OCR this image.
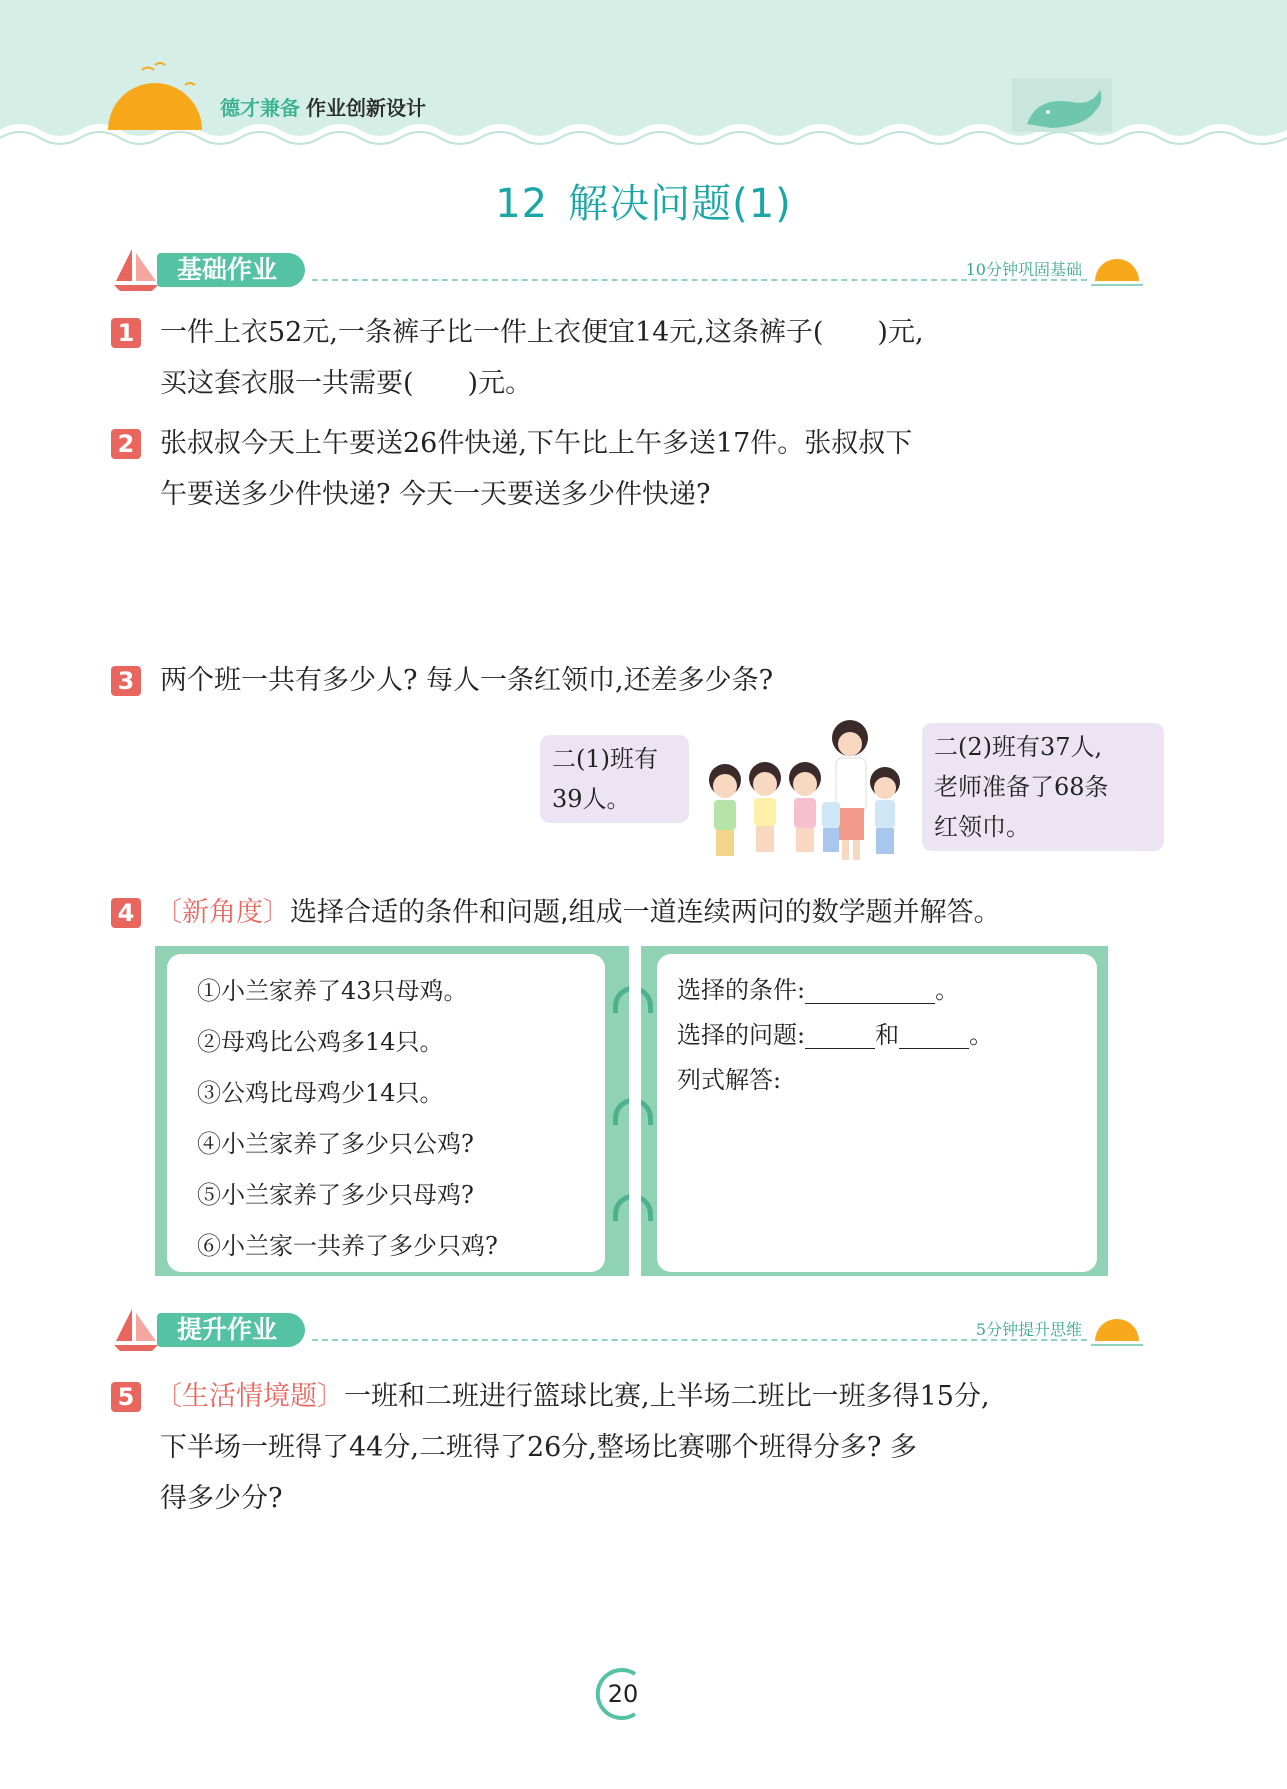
德才兼备 作业创新设计
12 解决问题(1)
基础作业	10分钟巩固基础
1 一件上衣52元,一条裤子比一件上衣便宜14元,这条裤子(　　)元,
买这套衣服一共需要(　　)元。
2 张叔叔今天上午要送26件快递,下午比上午多送17件。张叔叔下
午要送多少件快递? 今天一天要送多少件快递?
3 两个班一共有多少人? 每人一条红领巾,还差多少条?
二(1)班有
39人。
二(2)班有37人,
老师准备了68条
红领巾。
4 〔新角度〕选择合适的条件和问题,组成一道连续两问的数学题并解答。
①小兰家养了43只母鸡。
②母鸡比公鸡多14只。
③公鸡比母鸡少14只。
④小兰家养了多少只公鸡?
⑤小兰家养了多少只母鸡?
⑥小兰家一共养了多少只鸡?
选择的条件:	。
选择的问题:	和	。
列式解答:
提升作业	5分钟提升思维
5 〔生活情境题〕一班和二班进行篮球比赛,上半场二班比一班多得15分,
下半场一班得了44分,二班得了26分,整场比赛哪个班得分多? 多
得多少分?
20
